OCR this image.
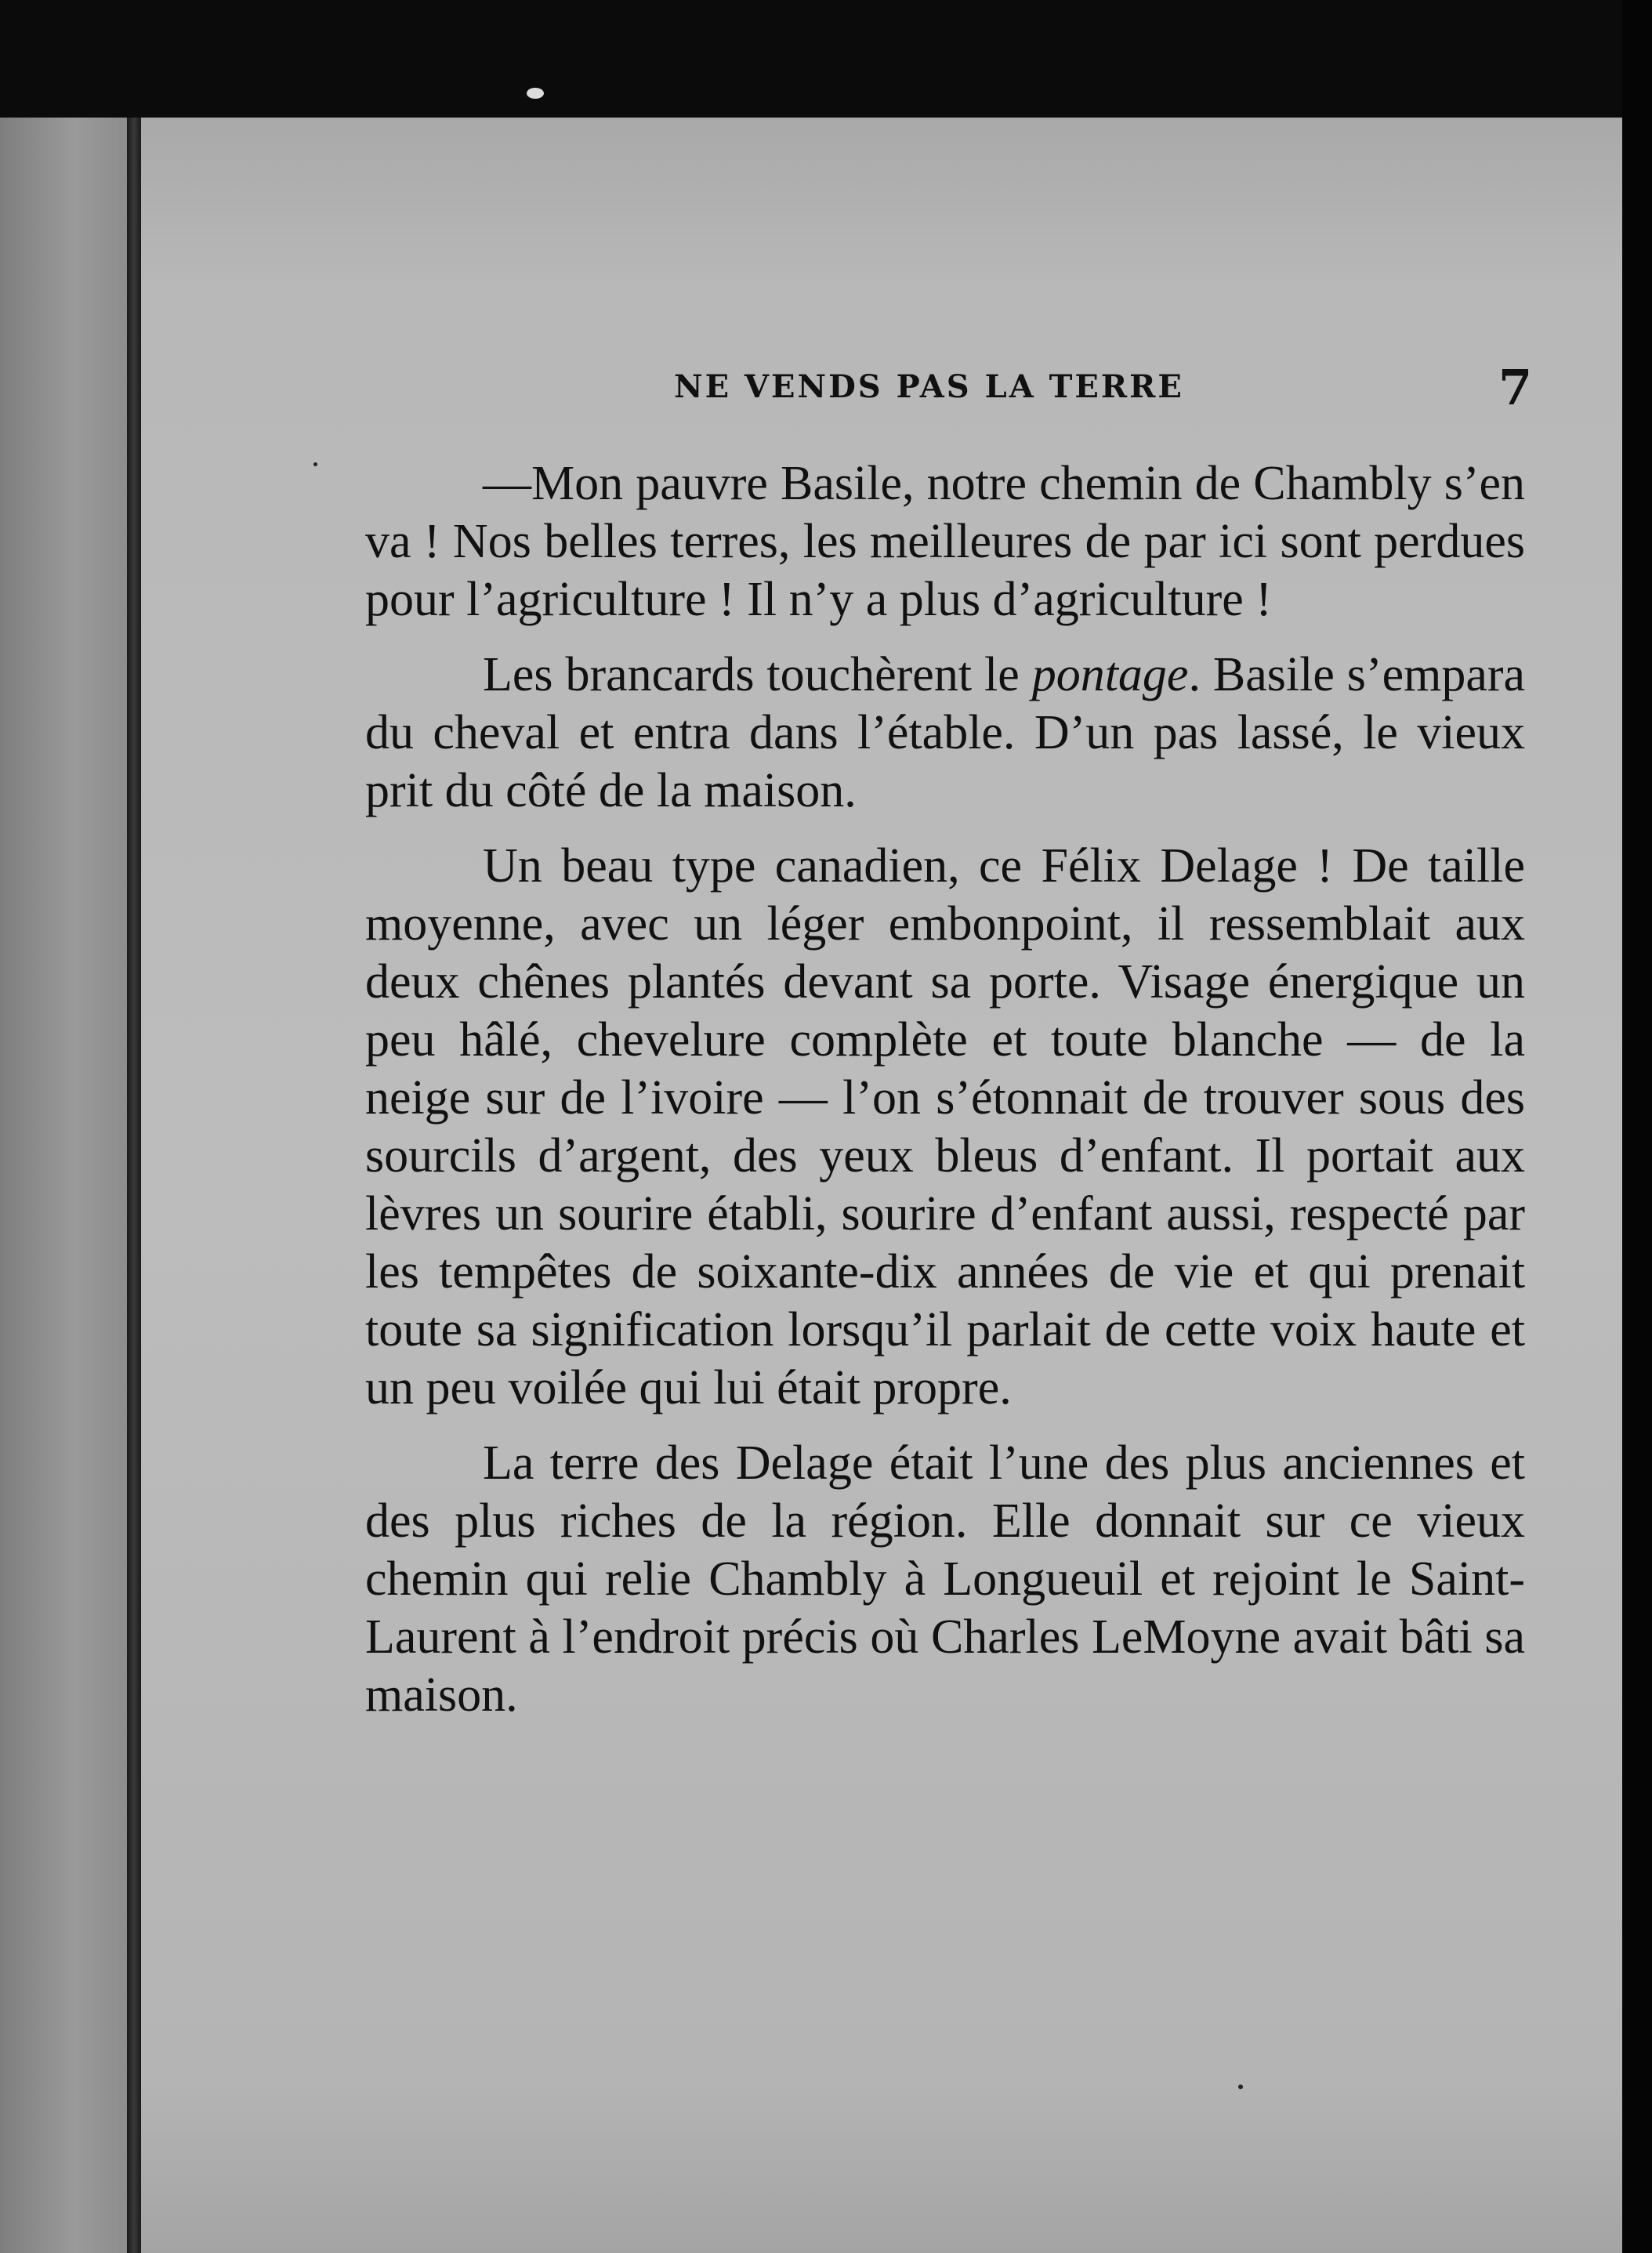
NE VENDS PAS LA TERRE	7

—Mon pauvre Basile, notre chemin de Chambly s’en va ! Nos belles terres, les meilleures de par ici sont perdues pour l’agriculture ! Il n’y a plus d’agriculture !

Les brancards touchèrent le pontage. Basile s’empara du cheval et entra dans l’étable. D’un pas lassé, le vieux prit du côté de la maison.

Un beau type canadien, ce Félix Delage ! De taille moyenne, avec un léger embonpoint, il ressemblait aux deux chênes plantés devant sa porte. Visage énergique un peu hâlé, chevelure complète et toute blanche — de la neige sur de l’ivoire — l’on s’étonnait de trouver sous des sourcils d’argent, des yeux bleus d’enfant. Il portait aux lèvres un sourire établi, sourire d’enfant aussi, respecté par les tempêtes de soixante-dix années de vie et qui prenait toute sa signification lorsqu’il parlait de cette voix haute et un peu voilée qui lui était propre.

La terre des Delage était l’une des plus anciennes et des plus riches de la région. Elle donnait sur ce vieux chemin qui relie Chambly à Longueuil et rejoint le Saint-Laurent à l’endroit précis où Charles LeMoyne avait bâti sa maison.
